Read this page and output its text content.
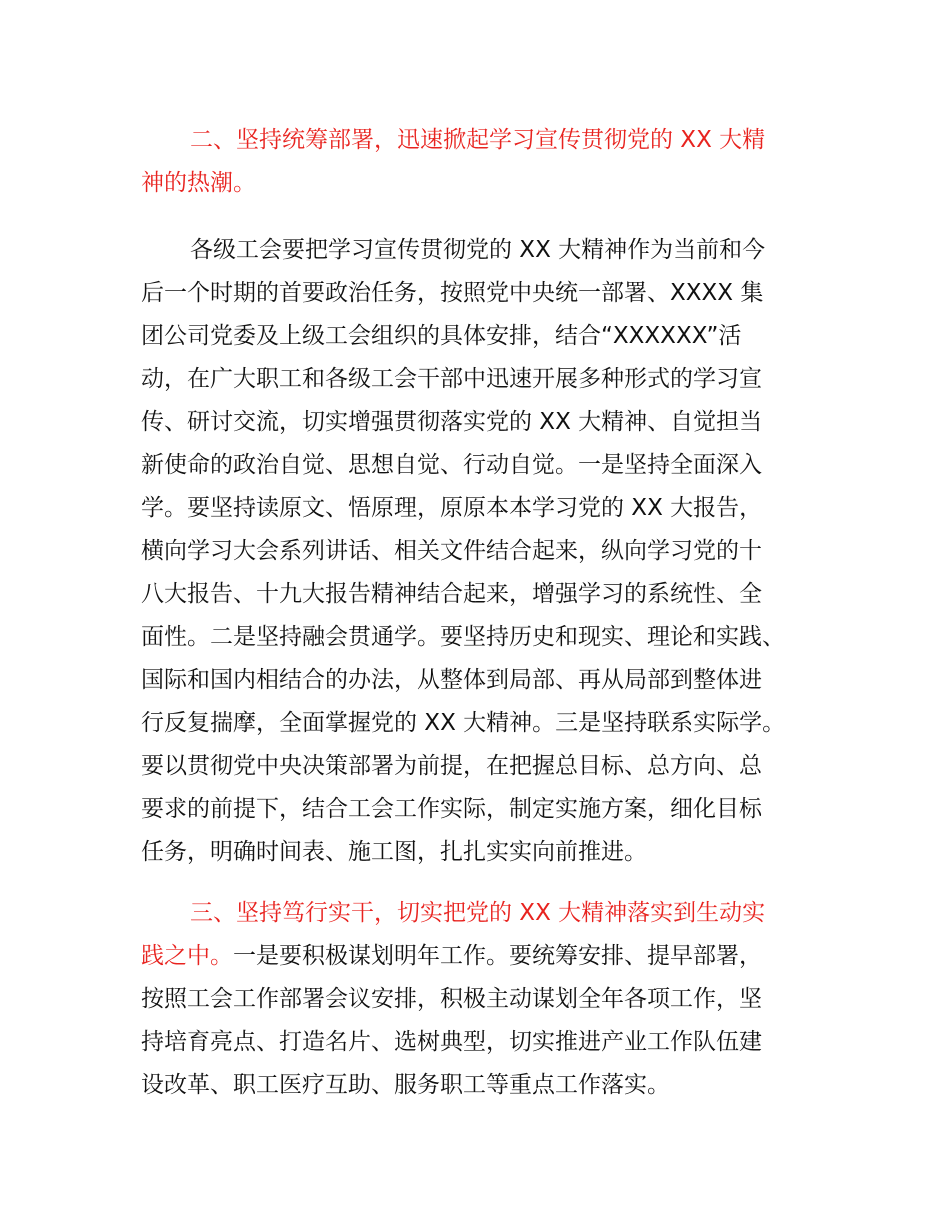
二、坚持统筹部署，迅速掀起学习宣传贯彻党的 XX 大精
神的热潮。
各级工会要把学习宣传贯彻党的 XX 大精神作为当前和今
后一个时期的首要政治任务，按照党中央统一部署、XXXX 集
团公司党委及上级工会组织的具体安排，结合“XXXXXX”活
动，在广大职工和各级工会干部中迅速开展多种形式的学习宣
传、研讨交流，切实增强贯彻落实党的 XX 大精神、自觉担当
新使命的政治自觉、思想自觉、行动自觉。一是坚持全面深入
学。要坚持读原文、悟原理，原原本本学习党的 XX 大报告，
横向学习大会系列讲话、相关文件结合起来，纵向学习党的十
八大报告、十九大报告精神结合起来，增强学习的系统性、全
面性。二是坚持融会贯通学。要坚持历史和现实、理论和实践、
国际和国内相结合的办法，从整体到局部、再从局部到整体进
行反复揣摩，全面掌握党的 XX 大精神。三是坚持联系实际学。
要以贯彻党中央决策部署为前提，在把握总目标、总方向、总
要求的前提下，结合工会工作实际，制定实施方案，细化目标
任务，明确时间表、施工图，扎扎实实向前推进。
三、坚持笃行实干，切实把党的 XX 大精神落实到生动实
践之中。一是要积极谋划明年工作。要统筹安排、提早部署，
按照工会工作部署会议安排，积极主动谋划全年各项工作，坚
持培育亮点、打造名片、选树典型，切实推进产业工作队伍建
设改革、职工医疗互助、服务职工等重点工作落实。
